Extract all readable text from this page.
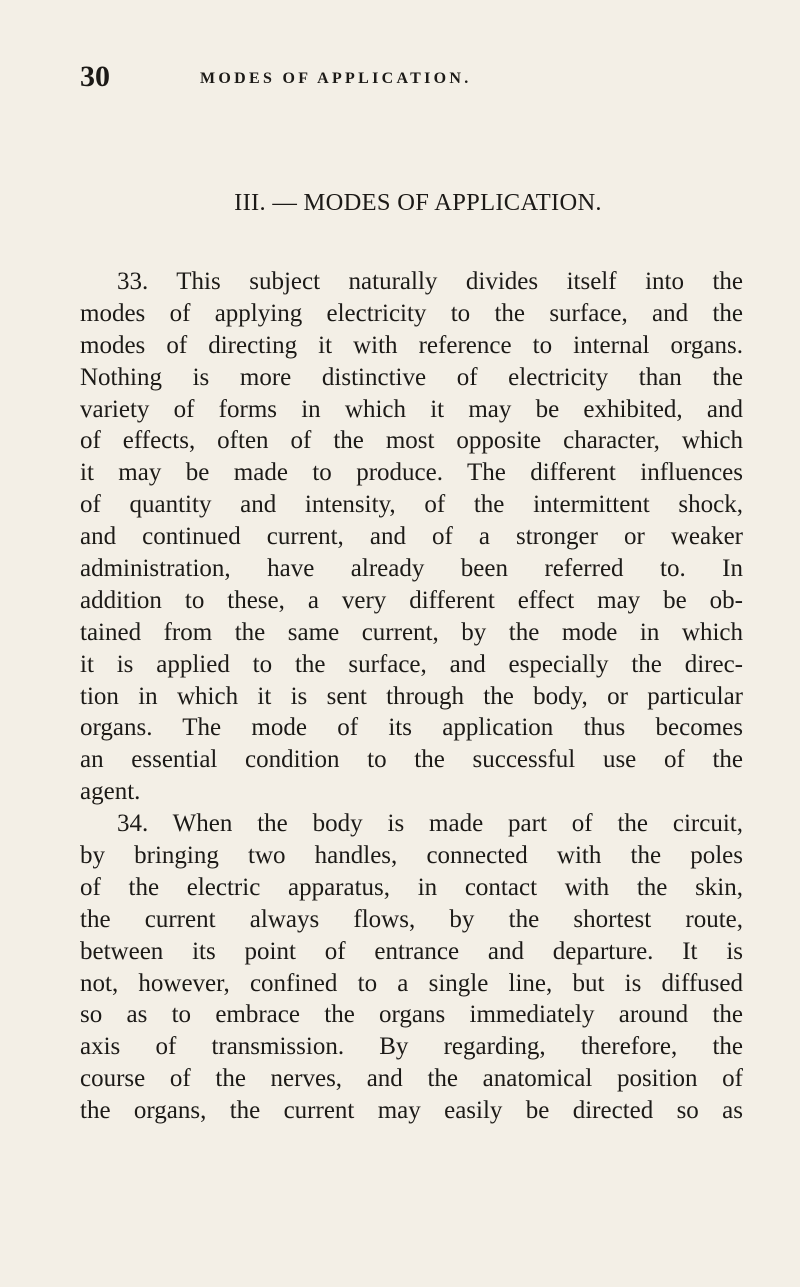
30	MODES OF APPLICATION.
III. — MODES OF APPLICATION.
33. This subject naturally divides itself into the
modes of applying electricity to the surface, and the
modes of directing it with reference to internal organs.
Nothing is more distinctive of electricity than the
variety of forms in which it may be exhibited, and
of effects, often of the most opposite character, which
it may be made to produce. The different influences
of quantity and intensity, of the intermittent shock,
and continued current, and of a stronger or weaker
administration, have already been referred to. In
addition to these, a very different effect may be ob-
tained from the same current, by the mode in which
it is applied to the surface, and especially the direc-
tion in which it is sent through the body, or particular
organs. The mode of its application thus becomes
an essential condition to the successful use of the
agent.
34. When the body is made part of the circuit,
by bringing two handles, connected with the poles
of the electric apparatus, in contact with the skin,
the current always flows, by the shortest route,
between its point of entrance and departure. It is
not, however, confined to a single line, but is diffused
so as to embrace the organs immediately around the
axis of transmission. By regarding, therefore, the
course of the nerves, and the anatomical position of
the organs, the current may easily be directed so as
